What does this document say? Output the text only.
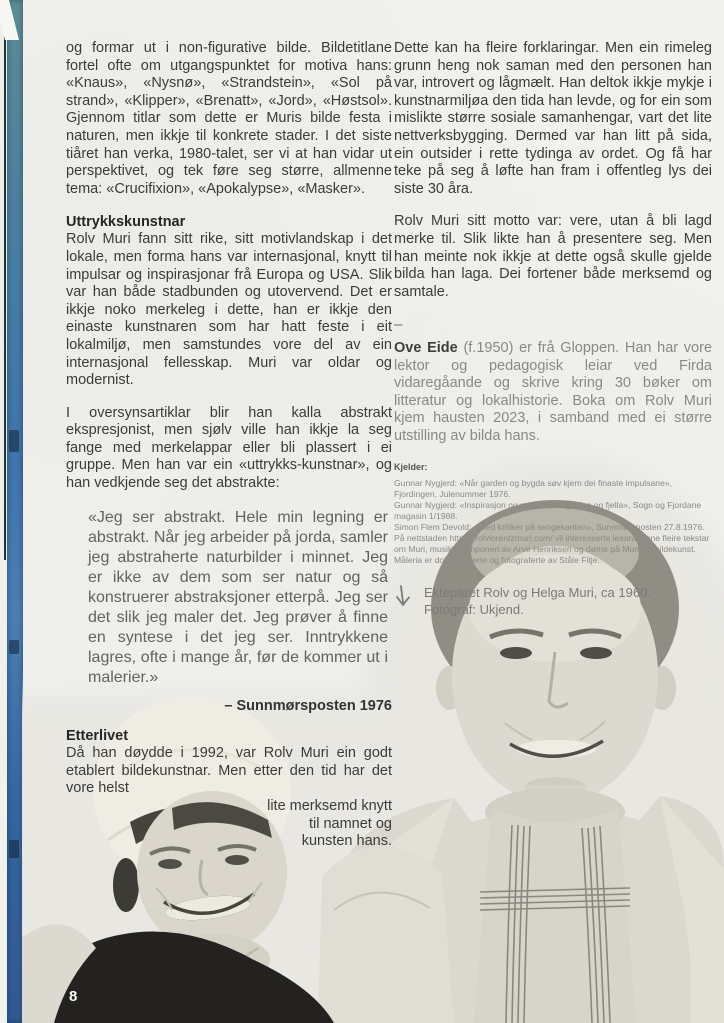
og formar ut i non-figurative bilde. Bildetitlane fortel ofte om utgangspunktet for motiva hans: «Knaus», «Nysnø», «Strandstein», «Sol på strand», «Klipper», «Brenatt», «Jord», «Høstsol». Gjennom titlar som dette er Muris bilde festa i naturen, men ikkje til konkrete stader. I det siste tiåret han verka, 1980-talet, ser vi at han vidar ut perspektivet, og tek føre seg større, allmenne tema: «Crucifixion», «Apokalypse», «Masker».

Uttrykkskunstnar

Rolv Muri fann sitt rike, sitt motivlandskap i det lokale, men forma hans var internasjonal, knytt til impulsar og inspirasjonar frå Europa og USA. Slik var han både stadbunden og utovervend. Det er ikkje noko merkeleg i dette, han er ikkje den einaste kunstnaren som har hatt feste i eit lokalmiljø, men samstundes vore del av ein internasjonal fellesskap. Muri var oldar og modernist.

I oversynsartiklar blir han kalla abstrakt ekspresjonist, men sjølv ville han ikkje la seg fange med merkelappar eller bli plassert i ei gruppe. Men han var ein «uttrykks-kunstnar», og han vedkjende seg det abstrakte:

«Jeg ser abstrakt. Hele min legning er abstrakt. Når jeg arbeider på jorda, samler jeg abstraherte naturbilder i minnet. Jeg er ikke av dem som ser natur og så konstruerer abstraksjoner etterpå. Jeg ser det slik jeg maler det. Jeg prøver å finne en syntese i det jeg ser. Inntrykkene lagres, ofte i mange år, før de kommer ut i malerier.»
– Sunnmørsposten 1976
Etterlivet

Då han døydde i 1992, var Rolv Muri ein godt etablert bildekunstnar. Men etter den tid har det vore helst

lite merksemd knytt
til namnet og
kunsten hans.

Dette kan ha fleire forklaringar. Men ein rimeleg grunn heng nok saman med den personen han var, introvert og lågmælt. Han deltok ikkje mykje i kunstnarmiljøa den tida han levde, og for ein som mislikte større sosiale samanhengar, vart det lite nettverksbygging. Dermed var han litt på sida, ein outsider i rette tydinga av ordet. Og få har teke på seg å løfte han fram i offentleg lys dei siste 30 åra.

Rolv Muri sitt motto var: vere, utan å bli lagd merke til. Slik likte han å presentere seg. Men han meinte nok ikkje at dette også skulle gjelde bilda han laga. Dei fortener både merksemd og samtale.

–

Ove Eide (f.1950) er frå Gloppen. Han har vore lektor og pedagogisk leiar ved Firda vidaregåande og skrive kring 30 bøker om litteratur og lokalhistorie. Boka om Rolv Muri kjem hausten 2023, i samband med ei større utstilling av bilda hans.

Kjelder:
Gunnar Nygjerd: «Når garden og bygda søv kjem dei finaste impulsane», Fjordingen, Julenummer 1976.
Gunnar Nygjerd: «Inspirasjon og gullkorn frå fjorden og fjella», Sogn og Fjordane magasin 1/1988.
Simon Flem Devold: «Med kritiker på sengekanten», Sunnmørsposten 27.8.1976.
På nettstaden https://rolvlorentzmuri.com/ vil interesserte lesarar finne fleire tekstar om Muri, musikk komponert av Arve Henriksen og døme på Muri sin bildekunst. Måleria er dokumenterte og fotograferte av Ståle Fitje.
Ekteparet Rolv og Helga Muri, ca 1960.
Fotograf: Ukjend.
8
